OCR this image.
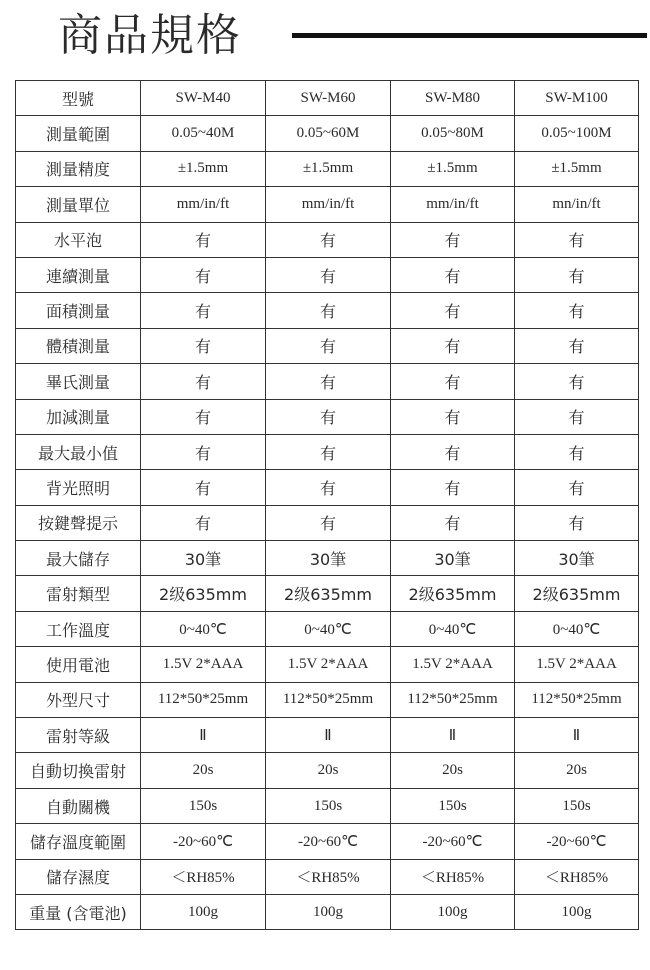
商品規格
型號	SW-M40	SW-M60	SW-M80	SW-M100
測量範圍	0.05~40M	0.05~60M	0.05~80M	0.05~100M
測量精度	±1.5mm	±1.5mm	±1.5mm	±1.5mm
測量單位	mm/in/ft	mm/in/ft	mm/in/ft	mn/in/ft
水平泡	有	有	有	有
連續測量	有	有	有	有
面積測量	有	有	有	有
體積測量	有	有	有	有
畢氏測量	有	有	有	有
加減測量	有	有	有	有
最大最小值	有	有	有	有
背光照明	有	有	有	有
按鍵聲提示	有	有	有	有
最大儲存	30筆	30筆	30筆	30筆
雷射類型	2级635mm	2级635mm	2级635mm	2级635mm
工作溫度	0~40℃	0~40℃	0~40℃	0~40℃
使用電池	1.5V 2*AAA	1.5V 2*AAA	1.5V 2*AAA	1.5V 2*AAA
外型尺寸	112*50*25mm	112*50*25mm	112*50*25mm	112*50*25mm
雷射等級	Ⅱ	Ⅱ	Ⅱ	Ⅱ
自動切換雷射	20s	20s	20s	20s
自動關機	150s	150s	150s	150s
儲存溫度範圍	-20~60℃	-20~60℃	-20~60℃	-20~60℃
儲存濕度	＜RH85%	＜RH85%	＜RH85%	＜RH85%
重量 (含電池)	100g	100g	100g	100g
